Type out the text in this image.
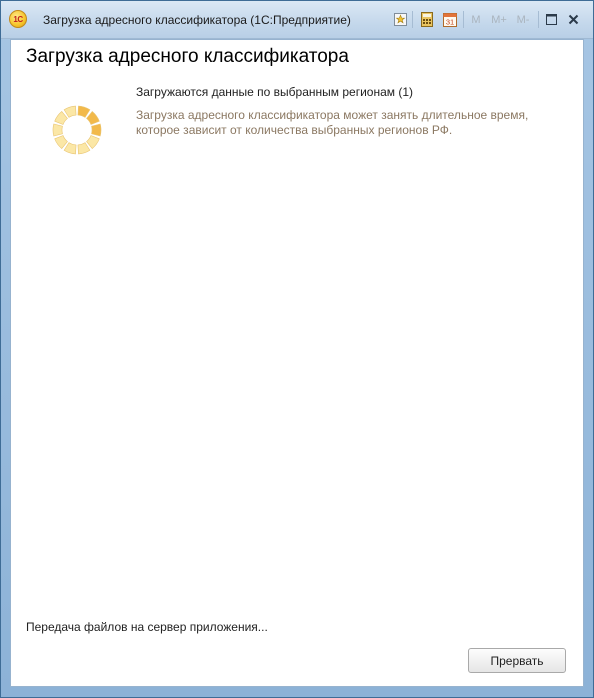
1С	Загрузка адресного классификатора (1С:Предприятие)	31 M M+ M-
Загрузка адресного классификатора
Загружаются данные по выбранным регионам (1)
Загрузка адресного классификатора может занять длительное время, которое зависит от количества выбранных регионов РФ.
Передача файлов на сервер приложения...
Прервать
